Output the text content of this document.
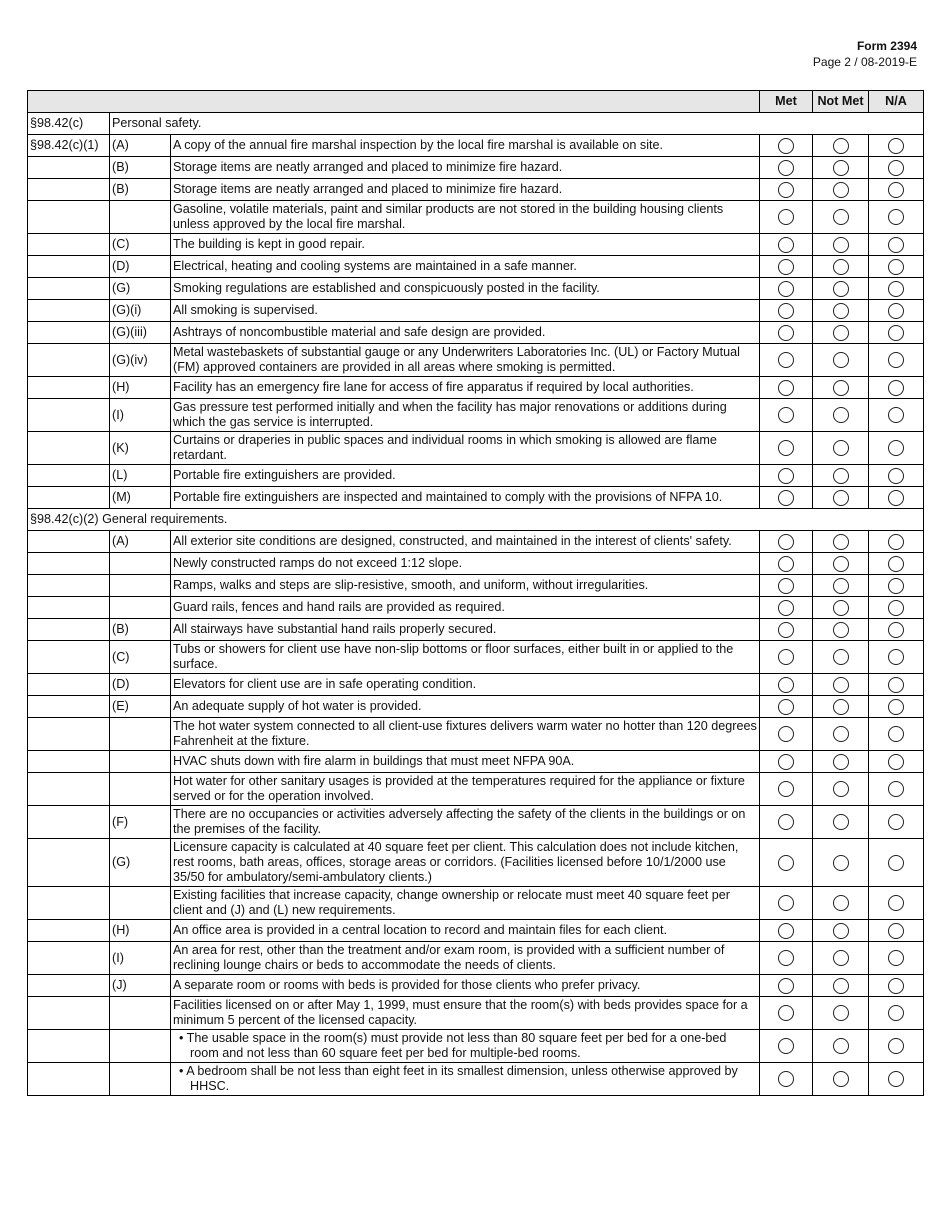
Form 2394
Page 2 / 08-2019-E
			Met	Not Met	N/A
§98.42(c)	Personal safety.				
§98.42(c)(1)	(A)	A copy of the annual fire marshal inspection by the local fire marshal is available on site.			
	(B)	Storage items are neatly arranged and placed to minimize fire hazard.			
	(B)	Storage items are neatly arranged and placed to minimize fire hazard.			
		Gasoline, volatile materials, paint and similar products are not stored in the building housing clients unless approved by the local fire marshal.			
	(C)	The building is kept in good repair.			
	(D)	Electrical, heating and cooling systems are maintained in a safe manner.			
	(G)	Smoking regulations are established and conspicuously posted in the facility.			
	(G)(i)	All smoking is supervised.			
	(G)(iii)	Ashtrays of noncombustible material and safe design are provided.			
	(G)(iv)	Metal wastebaskets of substantial gauge or any Underwriters Laboratories Inc. (UL) or Factory Mutual (FM) approved containers are provided in all areas where smoking is permitted.			
	(H)	Facility has an emergency fire lane for access of fire apparatus if required by local authorities.			
	(I)	Gas pressure test performed initially and when the facility has major renovations or additions during which the gas service is interrupted.			
	(K)	Curtains or draperies in public spaces and individual rooms in which smoking is allowed are flame retardant.			
	(L)	Portable fire extinguishers are provided.			
	(M)	Portable fire extinguishers are inspected and maintained to comply with the provisions of NFPA 10.			
§98.42(c)(2) General requirements.					
	(A)	All exterior site conditions are designed, constructed, and maintained in the interest of clients' safety.			
		Newly constructed ramps do not exceed 1:12 slope.			
		Ramps, walks and steps are slip-resistive, smooth, and uniform, without irregularities.			
		Guard rails, fences and hand rails are provided as required.			
	(B)	All stairways have substantial hand rails properly secured.			
	(C)	Tubs or showers for client use have non-slip bottoms or floor surfaces, either built in or applied to the surface.			
	(D)	Elevators for client use are in safe operating condition.			
	(E)	An adequate supply of hot water is provided.			
		The hot water system connected to all client-use fixtures delivers warm water no hotter than 120 degrees Fahrenheit at the fixture.			
		HVAC shuts down with fire alarm in buildings that must meet NFPA 90A.			
		Hot water for other sanitary usages is provided at the temperatures required for the appliance or fixture served or for the operation involved.			
	(F)	There are no occupancies or activities adversely affecting the safety of the clients in the buildings or on the premises of the facility.			
	(G)	Licensure capacity is calculated at 40 square feet per client. This calculation does not include kitchen, rest rooms, bath areas, offices, storage areas or corridors. (Facilities licensed before 10/1/2000 use 35/50 for ambulatory/semi-ambulatory clients.)			
		Existing facilities that increase capacity, change ownership or relocate must meet 40 square feet per client and (J) and (L) new requirements.			
	(H)	An office area is provided in a central location to record and maintain files for each client.			
	(I)	An area for rest, other than the treatment and/or exam room, is provided with a sufficient number of reclining lounge chairs or beds to accommodate the needs of clients.			
	(J)	A separate room or rooms with beds is provided for those clients who prefer privacy.			
		Facilities licensed on or after May 1, 1999, must ensure that the room(s) with beds provides space for a minimum 5 percent of the licensed capacity.			

		• The usable space in the room(s) must provide not less than 80 square feet per bed for a one-bed room and not less than 60 square feet per bed for multiple-bed rooms.			

		• A bedroom shall be not less than eight feet in its smallest dimension, unless otherwise approved by HHSC.			
